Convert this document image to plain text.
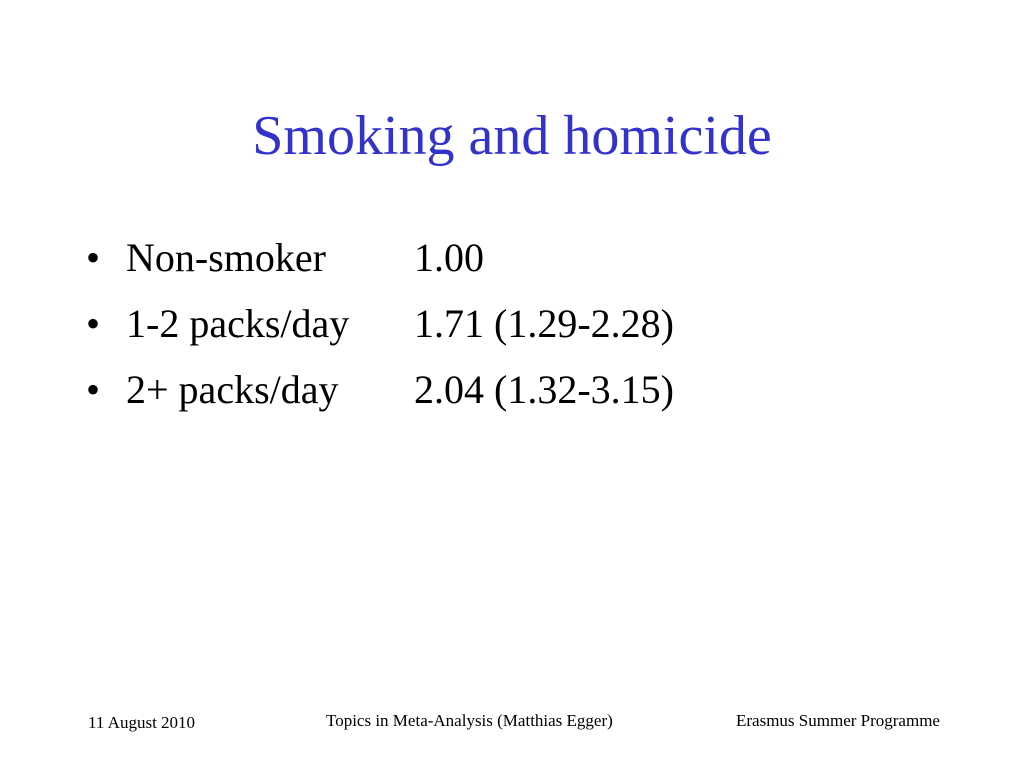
Smoking and homicide
• Non-smoker	1.00
• 1-2 packs/day	1.71 (1.29-2.28)
• 2+ packs/day	2.04 (1.32-3.15)
11 August 2010	Topics in Meta-Analysis (Matthias Egger)	Erasmus Summer Programme
